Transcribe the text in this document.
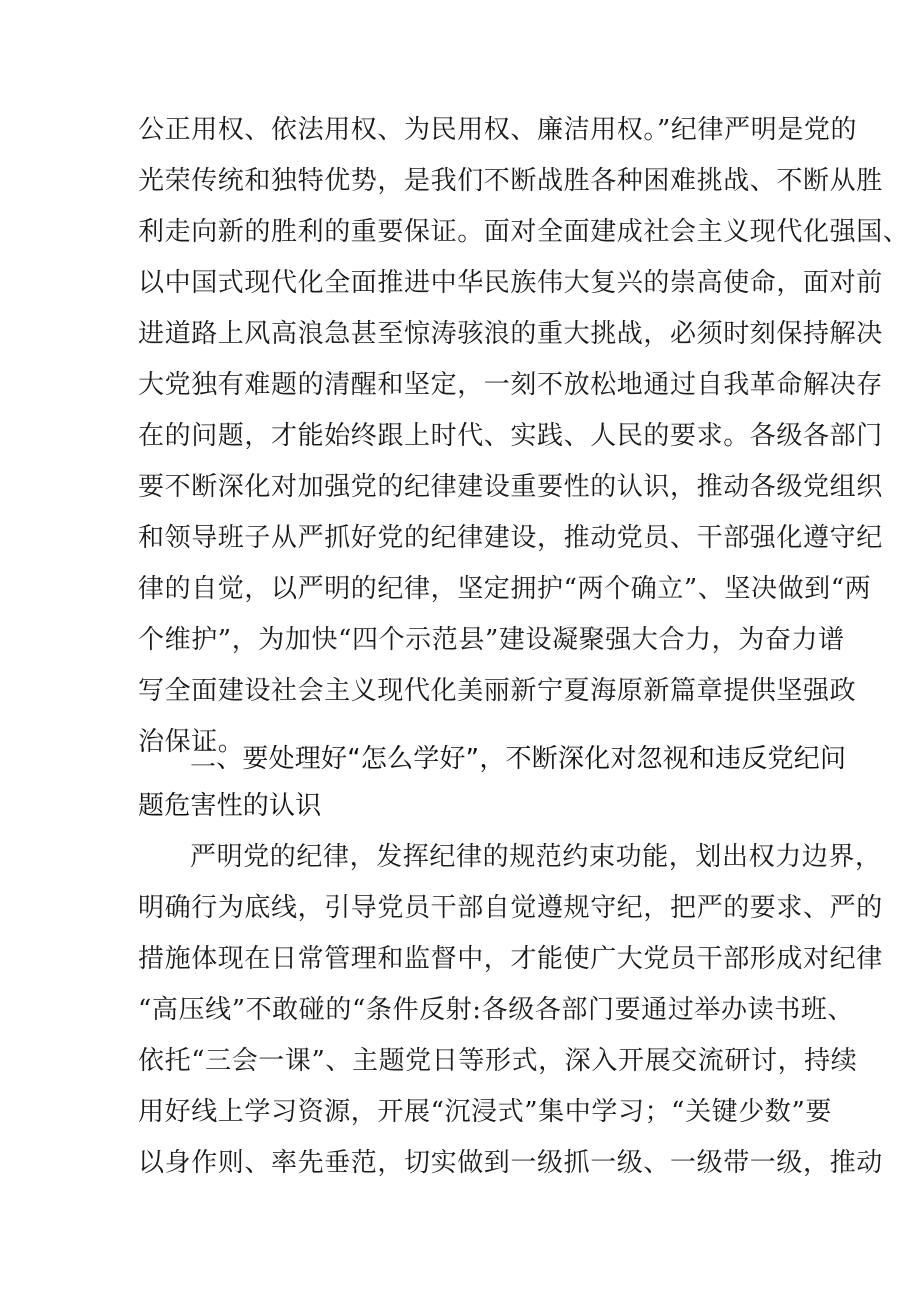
公正用权、依法用权、为民用权、廉洁用权。”纪律严明是党的
光荣传统和独特优势，是我们不断战胜各种困难挑战、不断从胜
利走向新的胜利的重要保证。面对全面建成社会主义现代化强国、
以中国式现代化全面推进中华民族伟大复兴的崇高使命，面对前
进道路上风高浪急甚至惊涛骇浪的重大挑战，必须时刻保持解决
大党独有难题的清醒和坚定，一刻不放松地通过自我革命解决存
在的问题，才能始终跟上时代、实践、人民的要求。各级各部门
要不断深化对加强党的纪律建设重要性的认识，推动各级党组织
和领导班子从严抓好党的纪律建设，推动党员、干部强化遵守纪
律的自觉，以严明的纪律，坚定拥护“两个确立”、坚决做到“两
个维护”，为加快“四个示范县”建设凝聚强大合力，为奋力谱
写全面建设社会主义现代化美丽新宁夏海原新篇章提供坚强政
治保证。
二、要处理好“怎么学好”，不断深化对忽视和违反党纪问
题危害性的认识
严明党的纪律，发挥纪律的规范约束功能，划出权力边界，
明确行为底线，引导党员干部自觉遵规守纪，把严的要求、严的
措施体现在日常管理和监督中，才能使广大党员干部形成对纪律
“高压线”不敢碰的“条件反射:各级各部门要通过举办读书班、
依托“三会一课”、主题党日等形式，深入开展交流研讨，持续
用好线上学习资源，开展“沉浸式”集中学习；“关键少数”要
以身作则、率先垂范，切实做到一级抓一级、一级带一级，推动
